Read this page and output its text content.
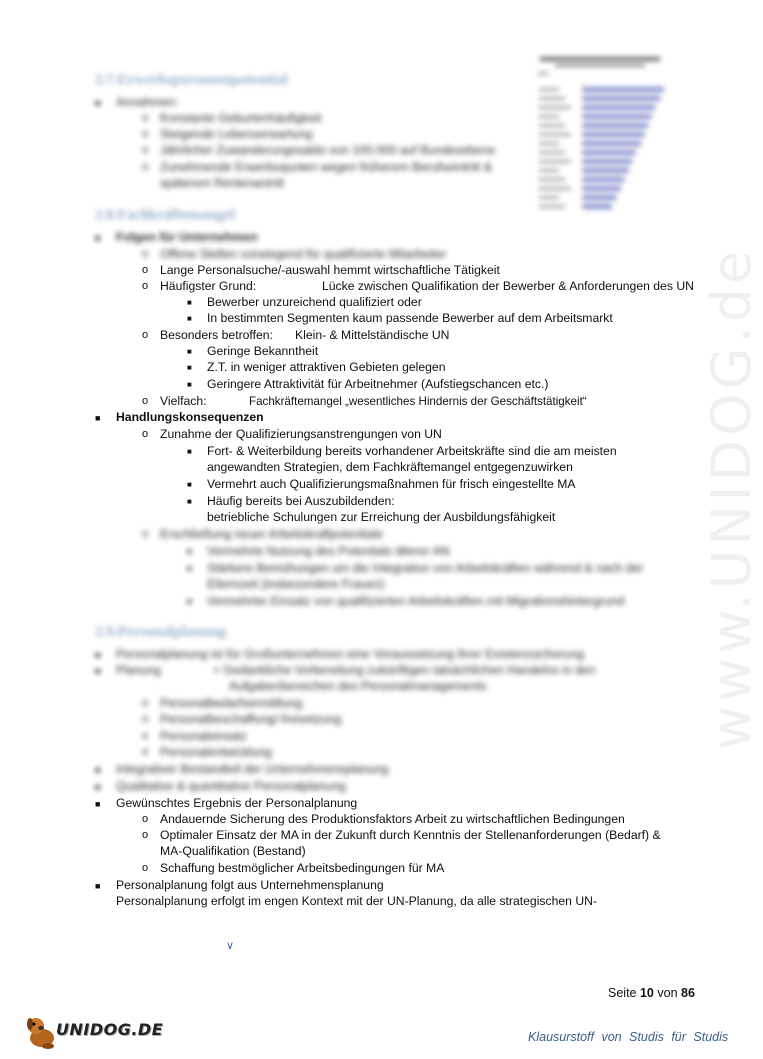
www.UNIDOG.de
2.7.Erwerbspersonenpotential
■ Annahmen:
o Konstante Geburtenhäufigkeit
o Steigende Lebenserwartung
o Jährlicher Zuwanderungssaldo von 100.000 auf Bundesebene
o Zunehmende Erwerbsquoten wegen früherem Berufseintritt &
späterem Rentenantritt
2.8.Fachkräftemangel
■ Folgen für Unternehmen
o Offene Stellen vorwiegend für qualifizierte Mitarbeiter
o Lange Personalsuche/-auswahl hemmt wirtschaftliche Tätigkeit
o Häufigster Grund:	Lücke zwischen Qualifikation der Bewerber & Anforderungen des UN
■ Bewerber unzureichend qualifiziert oder
■ In bestimmten Segmenten kaum passende Bewerber auf dem Arbeitsmarkt
o Besonders betroffen: Klein- & Mittelständische UN
■ Geringe Bekanntheit
■ Z.T. in weniger attraktiven Gebieten gelegen
■ Geringere Attraktivität für Arbeitnehmer (Aufstiegschancen etc.)
o Vielfach:	Fachkräftemangel „wesentliches Hindernis der Geschäftstätigkeit“
■ Handlungskonsequenzen
o Zunahme der Qualifizierungsanstrengungen von UN
■ Fort- & Weiterbildung bereits vorhandener Arbeitskräfte sind die am meisten
angewandten Strategien, dem Fachkräftemangel entgegenzuwirken
■ Vermehrt auch Qualifizierungsmaßnahmen für frisch eingestellte MA
■ Häufig bereits bei Auszubildenden:
betriebliche Schulungen zur Erreichung der Ausbildungsfähigkeit
o Erschließung neuer Arbeitskraftpotentiale
■ Vermehrte Nutzung des Potentials älterer AN
■ Stärkere Bemühungen um die Integration von Arbeitskräften während & nach der
Elternzeit (insbesondere Frauen)
■ Vermehrter Einsatz von qualifizierten Arbeitskräften mit Migrationshintergrund
2.9.Personalplanung
■ Personalplanung ist für Großunternehmen eine Voraussetzung ihrer Existenzsicherung
■ Planung	= Gedankliche Vorbereitung zukünftigen tatsächlichen Handelns in den
Aufgabenbereichen des Personalmanagements
o Personalbedarfsermittlung
o Personalbeschaffung/-freisetzung
o Personaleinsatz
o Personalentwicklung
■ Integrativer Bestandteil der Unternehmensplanung
■ Qualitative & quantitative Personalplanung
■ Gewünschtes Ergebnis der Personalplanung
o Andauernde Sicherung des Produktionsfaktors Arbeit zu wirtschaftlichen Bedingungen
o Optimaler Einsatz der MA in der Zukunft durch Kenntnis der Stellenanforderungen (Bedarf) &
MA-Qualifikation (Bestand)
o Schaffung bestmöglicher Arbeitsbedingungen für MA
■ Personalplanung folgt aus Unternehmensplanung
Personalplanung erfolgt im engen Kontext mit der UN-Planung, da alle strategischen UN-
∨
Seite 10 von 86
UNIDOG.DE	Klausurstoff von Studis für Studis
